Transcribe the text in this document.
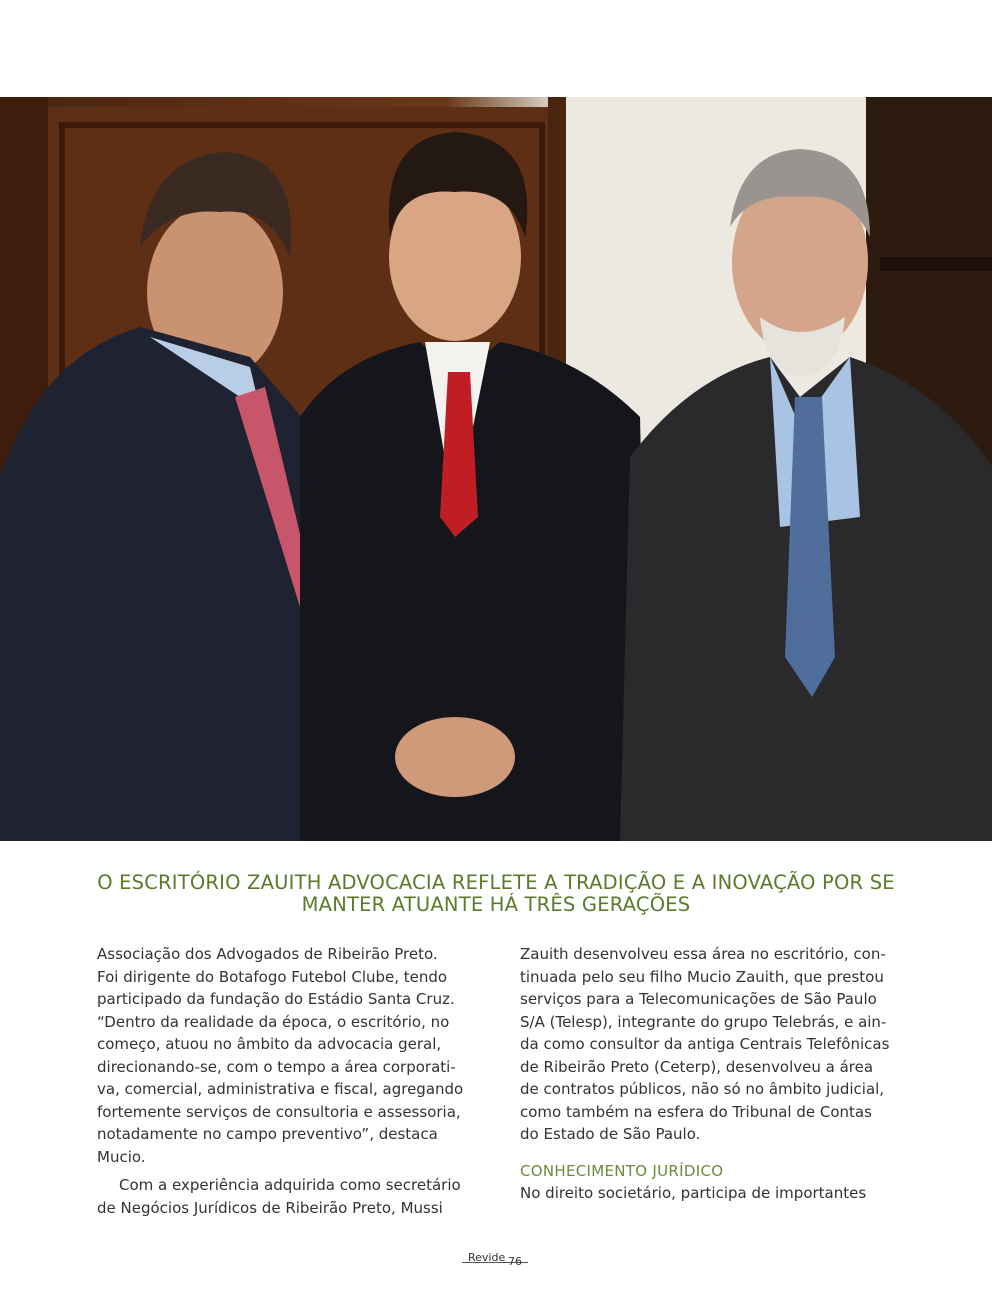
O ESCRITÓRIO ZAUITH ADVOCACIA REFLETE A TRADIÇÃO E A INOVAÇÃO POR SE
MANTER ATUANTE HÁ TRÊS GERAÇÕES
Associação dos Advogados de Ribeirão Preto.
Foi dirigente do Botafogo Futebol Clube, tendo
participado da fundação do Estádio Santa Cruz.
“Dentro da realidade da época, o escritório, no
começo, atuou no âmbito da advocacia geral,
direcionando-se, com o tempo a área corporati-
va, comercial, administrativa e fiscal, agregando
fortemente serviços de consultoria e assessoria,
notadamente no campo preventivo”, destaca
Mucio.
Com a experiência adquirida como secretário
de Negócios Jurídicos de Ribeirão Preto, Mussi
Zauith desenvolveu essa área no escritório, con-
tinuada pelo seu filho Mucio Zauith, que prestou
serviços para a Telecomunicações de São Paulo
S/A (Telesp), integrante do grupo Telebrás, e ain-
da como consultor da antiga Centrais Telefônicas
de Ribeirão Preto (Ceterp), desenvolveu a área
de contratos públicos, não só no âmbito judicial,
como também na esfera do Tribunal de Contas
do Estado de São Paulo.
CONHECIMENTO JURÍDICO
No direito societário, participa de importantes
Revide 76
